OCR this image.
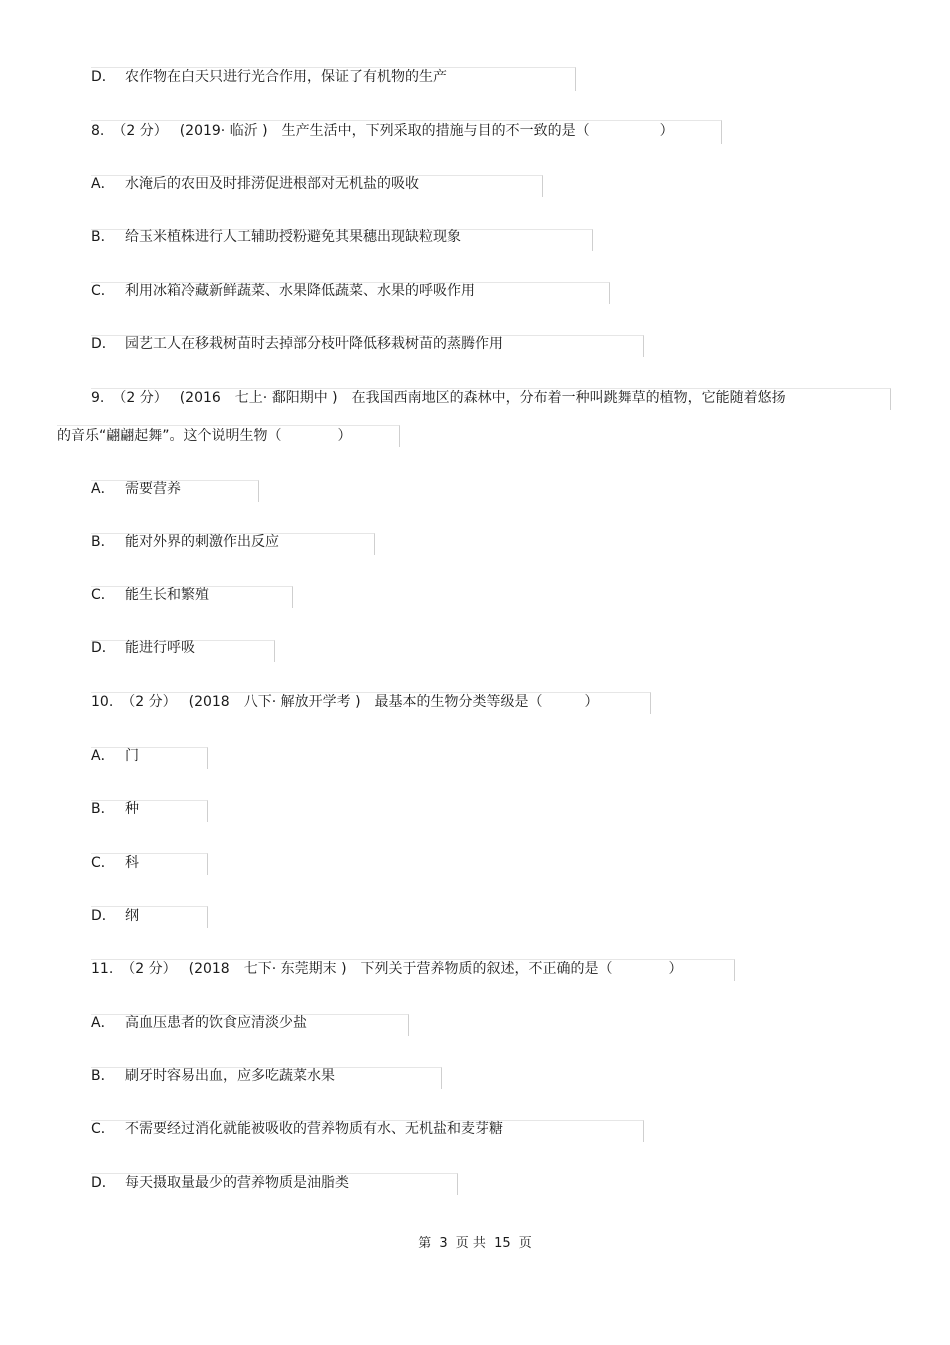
D． 农作物在白天只进行光合作用，保证了有机物的生产
8. （2 分） (2019· 临沂 ) 生产生活中，下列采取的措施与目的不一致的是（　　　　　）
A． 水淹后的农田及时排涝促进根部对无机盐的吸收
B． 给玉米植株进行人工辅助授粉避免其果穗出现缺粒现象
C． 利用冰箱冷藏新鲜蔬菜、水果降低蔬菜、水果的呼吸作用
D． 园艺工人在移栽树苗时去掉部分枝叶降低移栽树苗的蒸腾作用
9. （2 分） (2016　七上· 鄱阳期中 ) 在我国西南地区的森林中，分布着一种叫跳舞草的植物，它能随着悠扬
的音乐“翩翩起舞”。这个说明生物（　　　　）
A． 需要营养
B． 能对外界的刺激作出反应
C． 能生长和繁殖
D． 能进行呼吸
10. （2 分） (2018　八下· 解放开学考 ) 最基本的生物分类等级是（　　　）
A． 门
B． 种
C． 科
D． 纲
11. （2 分） (2018　七下· 东莞期末 ) 下列关于营养物质的叙述，不正确的是（　　　　）
A． 高血压患者的饮食应清淡少盐
B． 刷牙时容易出血，应多吃蔬菜水果
C． 不需要经过消化就能被吸收的营养物质有水、无机盐和麦芽糖
D． 每天摄取量最少的营养物质是油脂类
第 3 页 共 15 页
